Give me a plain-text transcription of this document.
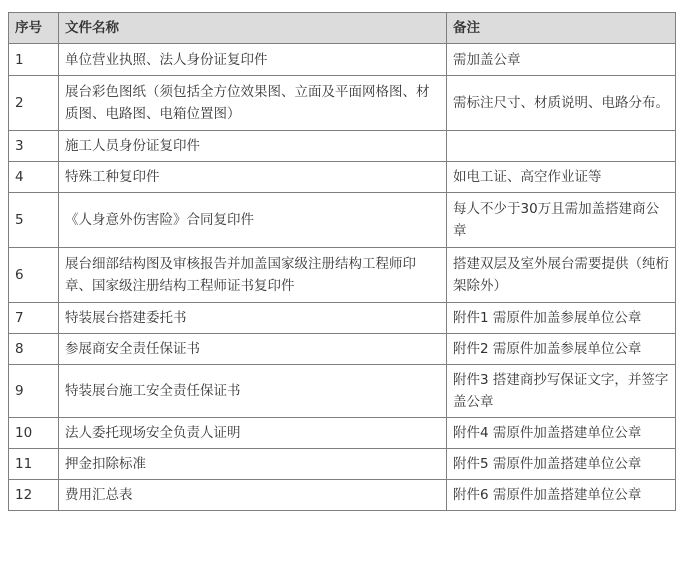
序号	文件名称	备注
1	单位营业执照、法人身份证复印件	需加盖公章
2	展台彩色图纸（须包括全方位效果图、立面及平面网格图、材质图、电路图、电箱位置图）	需标注尺寸、材质说明、电路分布。
3	施工人员身份证复印件	
4	特殊工种复印件	如电工证、高空作业证等
5	《人身意外伤害险》合同复印件	每人不少于30万且需加盖搭建商公章
6	展台细部结构图及审核报告并加盖国家级注册结构工程师印章、国家级注册结构工程师证书复印件	搭建双层及室外展台需要提供（纯桁架除外）
7	特装展台搭建委托书	附件1 需原件加盖参展单位公章
8	参展商安全责任保证书	附件2 需原件加盖参展单位公章
9	特装展台施工安全责任保证书	附件3 搭建商抄写保证文字，并签字盖公章
10	法人委托现场安全负责人证明	附件4 需原件加盖搭建单位公章
11	押金扣除标准	附件5 需原件加盖搭建单位公章
12	费用汇总表	附件6 需原件加盖搭建单位公章
